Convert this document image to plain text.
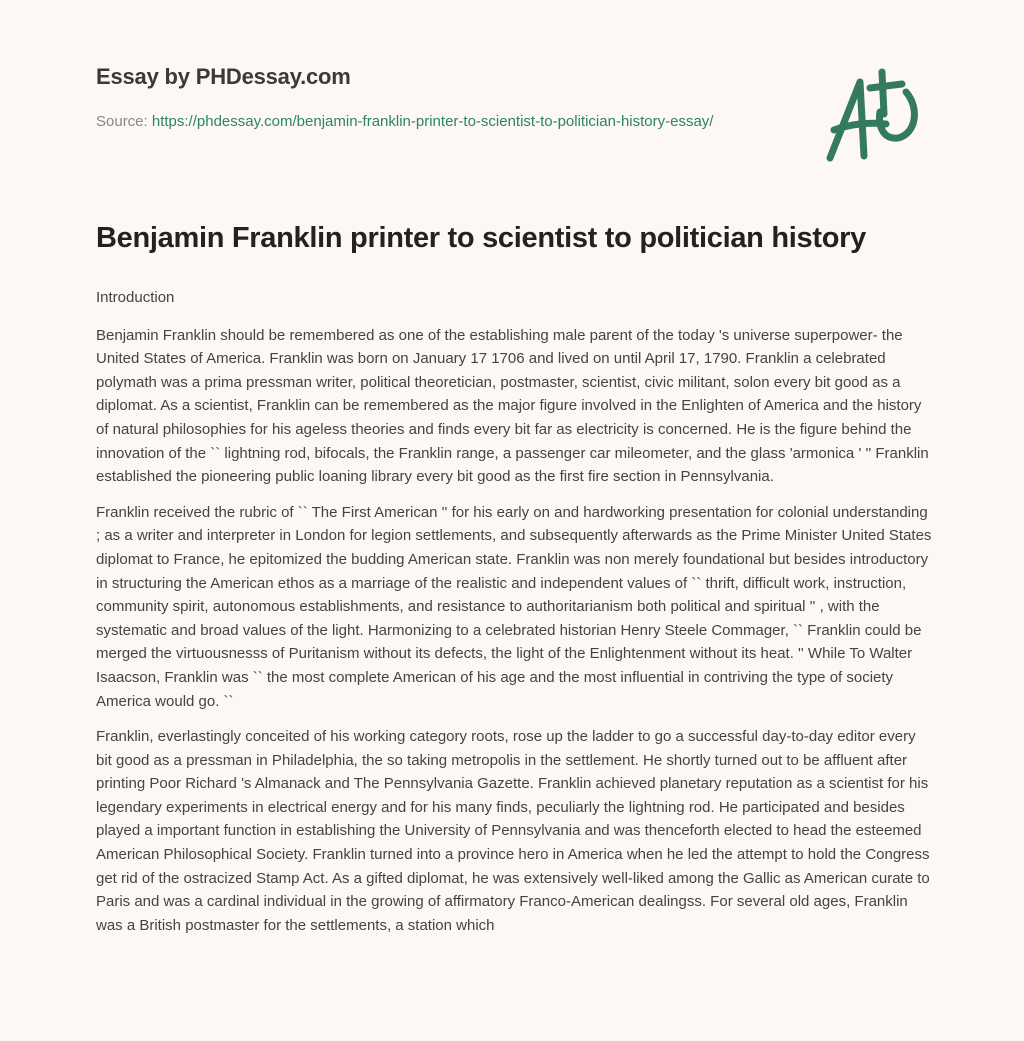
Essay by PHDessay.com

Source: https://phdessay.com/benjamin-franklin-printer-to-scientist-to-politician-history-essay/
Benjamin Franklin printer to scientist to politician history

Introduction

Benjamin Franklin should be remembered as one of the establishing male parent of the today 's universe superpower- the United States of America. Franklin was born on January 17 1706 and lived on until April 17, 1790. Franklin a celebrated polymath was a prima pressman writer, political theoretician, postmaster, scientist, civic militant, solon every bit good as a diplomat. As a scientist, Franklin can be remembered as the major figure involved in the Enlighten of America and the history of natural philosophies for his ageless theories and finds every bit far as electricity is concerned. He is the figure behind the innovation of the `` lightning rod, bifocals, the Franklin range, a passenger car mileometer, and the glass 'armonica ' '' Franklin established the pioneering public loaning library every bit good as the first fire section in Pennsylvania.

Franklin received the rubric of `` The First American '' for his early on and hardworking presentation for colonial understanding ; as a writer and interpreter in London for legion settlements, and subsequently afterwards as the Prime Minister United States diplomat to France, he epitomized the budding American state. Franklin was non merely foundational but besides introductory in structuring the American ethos as a marriage of the realistic and independent values of `` thrift, difficult work, instruction, community spirit, autonomous establishments, and resistance to authoritarianism both political and spiritual '' , with the systematic and broad values of the light. Harmonizing to a celebrated historian Henry Steele Commager, `` Franklin could be merged the virtuousnesss of Puritanism without its defects, the light of the Enlightenment without its heat. '' While To Walter Isaacson, Franklin was `` the most complete American of his age and the most influential in contriving the type of society America would go. ``

Franklin, everlastingly conceited of his working category roots, rose up the ladder to go a successful day-to-day editor every bit good as a pressman in Philadelphia, the so taking metropolis in the settlement. He shortly turned out to be affluent after printing Poor Richard 's Almanack and The Pennsylvania Gazette. Franklin achieved planetary reputation as a scientist for his legendary experiments in electrical energy and for his many finds, peculiarly the lightning rod. He participated and besides played a important function in establishing the University of Pennsylvania and was thenceforth elected to head the esteemed American Philosophical Society. Franklin turned into a province hero in America when he led the attempt to hold the Congress get rid of the ostracized Stamp Act. As a gifted diplomat, he was extensively well-liked among the Gallic as American curate to Paris and was a cardinal individual in the growing of affirmatory Franco-American dealingss. For several old ages, Franklin was a British postmaster for the settlements, a station which
